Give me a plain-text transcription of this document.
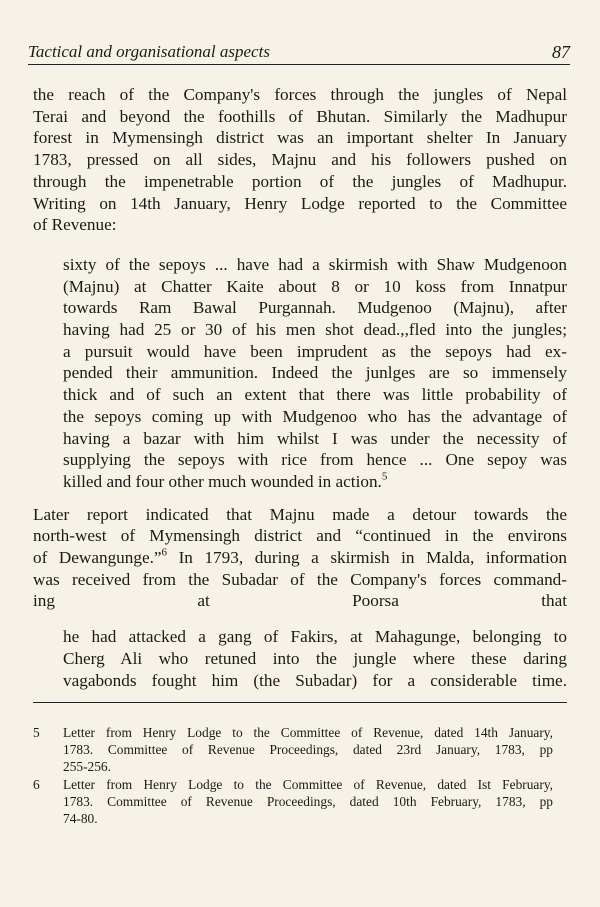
Tactical and organisational aspects	87

the reach of the Company's forces through the jungles of Nepal
Terai and beyond the foothills of Bhutan. Similarly the Madhupur
forest in Mymensingh district was an important shelter In January
1783, pressed on all sides, Majnu and his followers pushed on
through the impenetrable portion of the jungles of Madhupur.
Writing on 14th January, Henry Lodge reported to the Committee
of Revenue:

sixty of the sepoys ... have had a skirmish with Shaw Mudgenoon
(Majnu) at Chatter Kaite about 8 or 10 koss from Innatpur
towards Ram Bawal Purgannah. Mudgenoo (Majnu), after
having had 25 or 30 of his men shot dead.,,fled into the jungles;
a pursuit would have been imprudent as the sepoys had ex-
pended their ammunition. Indeed the junlges are so immensely
thick and of such an extent that there was little probability of
the sepoys coming up with Mudgenoo who has the advantage of
having a bazar with him whilst I was under the necessity of
supplying the sepoys with rice from hence ... One sepoy was
killed and four other much wounded in action.$^5$

Later report indicated that Majnu made a detour towards the
north-west of Mymensingh district and “continued in the environs
of Dewangunge.”$^6$ In 1793, during a skirmish in Malda, information
was received from the Subadar of the Company's forces command-
ing at Poorsa that

he had attacked a gang of Fakirs, at Mahagunge, belonging to
Cherg Ali who retuned into the jungle where these daring
vagabonds fought him (the Subadar) for a considerable time.

5 Letter from Henry Lodge to the Committee of Revenue, dated 14th January,
1783. Committee of Revenue Proceedings, dated 23rd January, 1783, pp
255-256.
6 Letter from Henry Lodge to the Committee of Revenue, dated Ist February,
1783. Committee of Revenue Proceedings, dated 10th February, 1783, pp
74-80.
